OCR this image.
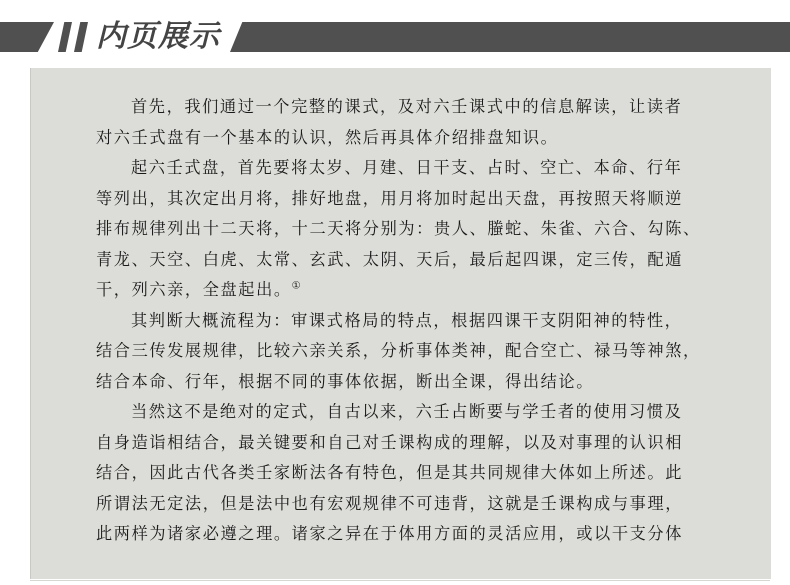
内页展示
首先，我们通过一个完整的课式，及对六壬课式中的信息解读，让读者
对六壬式盘有一个基本的认识，然后再具体介绍排盘知识。
起六壬式盘，首先要将太岁、月建、日干支、占时、空亡、本命、行年
等列出，其次定出月将，排好地盘，用月将加时起出天盘，再按照天将顺逆
排布规律列出十二天将，十二天将分别为：贵人、螣蛇、朱雀、六合、勾陈、
青龙、天空、白虎、太常、玄武、太阴、天后，最后起四课，定三传，配遁
干，列六亲，全盘起出。①
其判断大概流程为：审课式格局的特点，根据四课干支阴阳神的特性，
结合三传发展规律，比较六亲关系，分析事体类神，配合空亡、禄马等神煞，
结合本命、行年，根据不同的事体依据，断出全课，得出结论。
当然这不是绝对的定式，自古以来，六壬占断要与学壬者的使用习惯及
自身造诣相结合，最关键要和自己对壬课构成的理解，以及对事理的认识相
结合，因此古代各类壬家断法各有特色，但是其共同规律大体如上所述。此
所谓法无定法，但是法中也有宏观规律不可违背，这就是壬课构成与事理，
此两样为诸家必遵之理。诸家之异在于体用方面的灵活应用，或以干支分体
